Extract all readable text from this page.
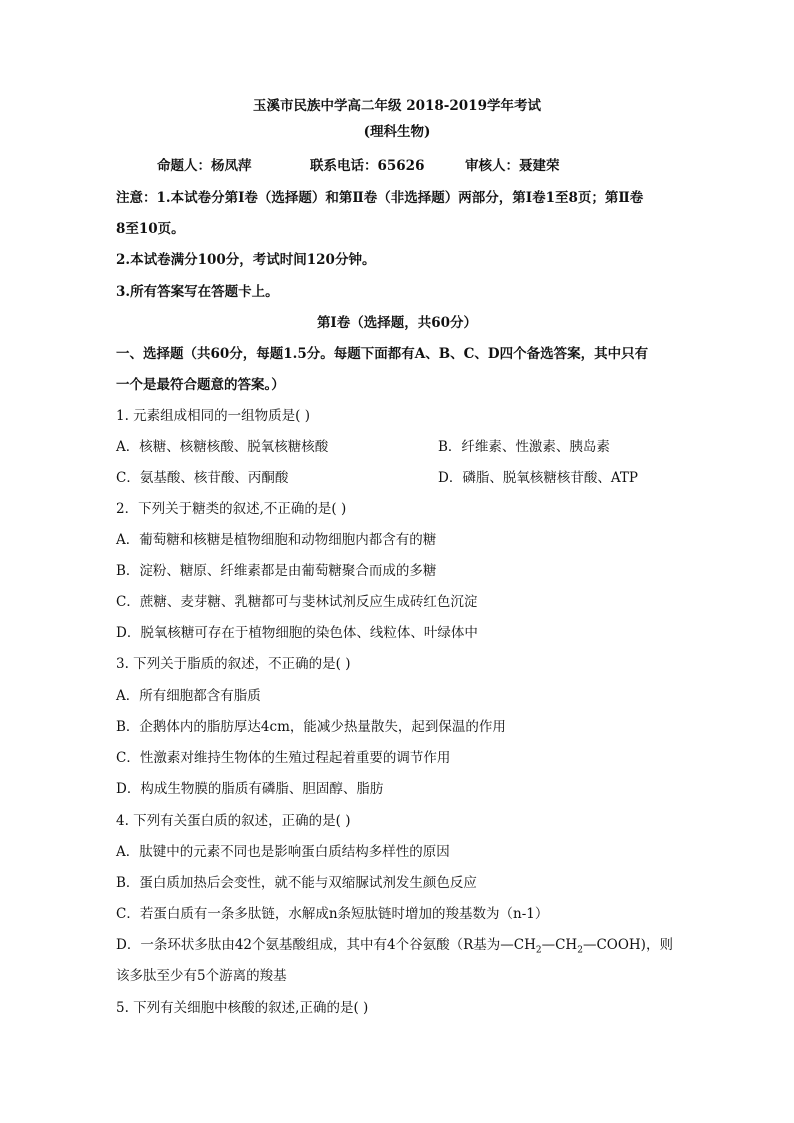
玉溪市民族中学高二年级 2018-2019学年考试
(理科生物)
命题人：杨凤萍	联系电话：65626	审核人：聂建荣
注意：1.本试卷分第Ⅰ卷（选择题）和第Ⅱ卷（非选择题）两部分，第Ⅰ卷1至8页；第Ⅱ卷
8至10页。
2.本试卷满分100分，考试时间120分钟。
3.所有答案写在答题卡上。
第Ⅰ卷（选择题，共60分）
一、选择题（共60分，每题1.5分。每题下面都有A、B、C、D四个备选答案，其中只有
一个是最符合题意的答案。）
1. 元素组成相同的一组物质是( )
A．核糖、核糖核酸、脱氧核糖核酸	B．纤维素、性激素、胰岛素
C．氨基酸、核苷酸、丙酮酸	D．磷脂、脱氧核糖核苷酸、ATP
2．下列关于糖类的叙述,不正确的是( )
A．葡萄糖和核糖是植物细胞和动物细胞内都含有的糖
B．淀粉、糖原、纤维素都是由葡萄糖聚合而成的多糖
C．蔗糖、麦芽糖、乳糖都可与斐林试剂反应生成砖红色沉淀
D．脱氧核糖可存在于植物细胞的染色体、线粒体、叶绿体中
3. 下列关于脂质的叙述，不正确的是( )
A．所有细胞都含有脂质
B．企鹅体内的脂肪厚达4cm，能减少热量散失，起到保温的作用
C．性激素对维持生物体的生殖过程起着重要的调节作用
D．构成生物膜的脂质有磷脂、胆固醇、脂肪
4. 下列有关蛋白质的叙述，正确的是( )
A．肽键中的元素不同也是影响蛋白质结构多样性的原因
B．蛋白质加热后会变性，就不能与双缩脲试剂发生颜色反应
C．若蛋白质有一条多肽链，水解成n条短肽链时增加的羧基数为（n-1）
D．一条环状多肽由42个氨基酸组成，其中有4个谷氨酸（R基为$—CH_2—CH_2—COOH$)，则
该多肽至少有5个游离的羧基
5. 下列有关细胞中核酸的叙述,正确的是( )
